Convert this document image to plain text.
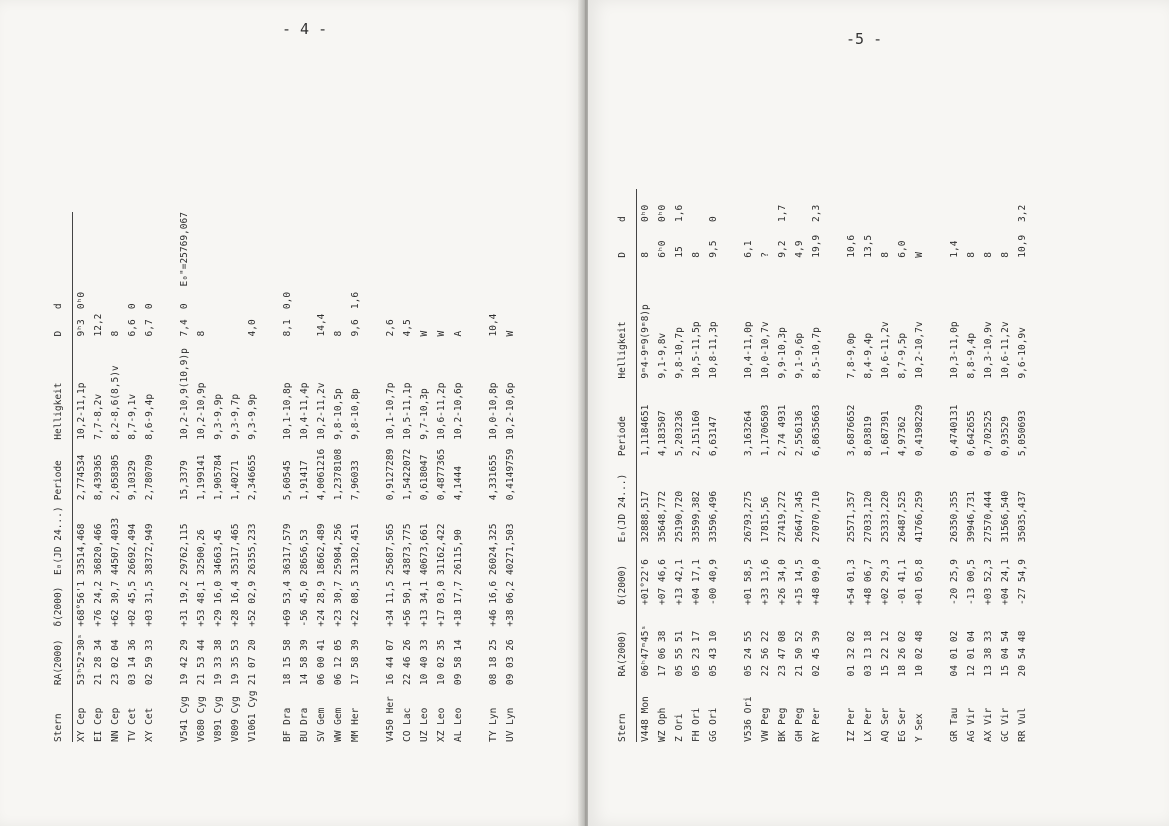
- 4 -
Stern	RA(2000)	δ(2000)	E₀(JD 24...)	Periode	Helligkeit	D	d	
XY Cep	53ʰ52ᵐ30ˢ	+68°56'1	33514,468	2,774534	10,2-11,1p	9ʰ3	0ʰ0	
EI Cep	21 28 34	+76 24,2	36820,466	8,439365	7,7-8,2v	12,2		
NN Cep	23 02 04	+62 30,7	44507,4033	2,058305	8,2-8,6(8,5)v	8		
TV Cet	03 14 36	+02 45,5	26692,494	9,10329	8,7-9,1v	6,6	0	
XY Cet	02 59 33	+03 31,5	38372,949	2,780709	8,6-9,4p	6,7	0	

V541 Cyg	19 42 29	+31 19,2	29762,115	15,3379	10,2-10,9(10,9)p	7,4	0	E₀"=25769,067
V680 Cyg	21 53 44	+53 48,1	32500,26	1,199141	10,2-10,9p	8		
V891 Cyg	19 33 38	+29 16,0	34663,45	1,905784	9,3-9,9p			
V809 Cyg	19 35 53	+28 16,4	35317,465	1,40271	9,3-9,7p			
V1061 Cyg	21 07 20	+52 02,9	26355,233	2,346655	9,3-9,9p	4,0		

BF Dra	18 15 58	+69 53,4	36317,579	5,60545	10,1-10,8p	8,1	0,0	
BU Dra	14 58 39	-56 45,0	28656,53	1,91417	10,4-11,4p			
SV Gem	06 00 41	+24 28,9	18662,489	4,0061216	10,2-11,2v	14,4		
WW Gem	06 12 05	+23 30,7	25984,256	1,2378108	9,8-10,5p	8		
MM Her	17 58 39	+22 08,5	31302,451	7,96033	9,8-10,8p	9,6	1,6	

V450 Her	16 44 07	+34 11,5	25687,565	0,9127289	10,1-10,7p	2,6		
CO Lac	22 46 26	+56 50,1	43873,775	1,5422072	10,5-11,1p	4,5		
UZ Leo	10 40 33	+13 34,1	40673,661	0,618047	9,7-10,3p	W		
XZ Leo	10 02 35	+17 03,0	31162,422	0,4877365	10,6-11,2p	W		
AL Leo	09 58 14	+18 17,7	26115,90	4,1444	10,2-10,6p	A		

TY Lyn	08 18 25	+46 16,6	26024,325	4,331655	10,0-10,8p	10,4		
UV Lyn	09 03 26	+38 06,2	40271,503	0,4149759	10,2-10,6p	W		
-5 -
Stern	RA(2000)	δ(2000)	E₀(JD 24...)	Periode	Helligkeit	D	d
V448 Mon	06ʰ47ᵐ45ˢ	+01°22'6	32888,517	1,1184651	9ᵐ4-9ᵐ9(9ᵐ8)p	8	0ʰ0
WZ Oph	17 06 38	+07 46,6	35648,772	4,183507	9,1-9,8v	6ʰ0	0ʰ0
Z Ori	05 55 51	+13 42,1	25190,720	5,203236	9,8-10,7p	15	1,6
FH Ori	05 23 17	+04 17,1	33599,382	2,151160	10,5-11,5p	8	
GG Ori	05 43 10	-00 40,9	33596,496	6,63147	10,8-11,3p	9,5	0

V536 Ori	05 24 55	+01 58,5	26793,275	3,163264	10,4-11,0p	6,1	
VW Peg	22 56 22	+33 13,6	17815,56	1,1706503	10,0-10,7v	?	
BK Peg	23 47 08	+26 34,0	27419,272	2,74 4931	9,9-10,3p	9,2	1,7
GH Peg	21 50 52	+15 14,5	26647,345	2,556136	9,1-9,6p	4,9	
RY Per	02 45 39	+48 09,0	27070,710	6,8635663	8,5-10,7p	19,9	2,3

IZ Per	01 32 02	+54 01,3	25571,357	3,6876652	7,8-9,0p	10,6	
LX Per	03 13 18	+48 06,7	27033,120	8,03819	8,4-9,4p	13,5	
AQ Ser	15 22 12	+02 29,3	25333,220	1,687391	10,6-11,2v	8	
EG Ser	18 26 02	-01 41,1	26487,525	4,97362	8,7-9,5p	6,0	
Y Sex	10 02 48	+01 05,8	41766,259	0,4198229	10,2-10,7v	W	

GR Tau	04 01 02	-20 25,9	26350,355	0,4740131	10,3-11,0p	1,4	
AG Vir	12 01 04	-13 00,5	39946,731	0,642655	8,8-9,4p	8	
AX Vir	13 38 33	+03 52,3	27570,444	0,702525	10,3-10,9v	8	
GC Vir	15 04 54	+04 24,1	31566,540	0,93529	10,6-11,2v	8	
RR Vul	20 54 48	-27 54,9	35035,437	5,050693	9,6-10,9v	10,9	3,2
